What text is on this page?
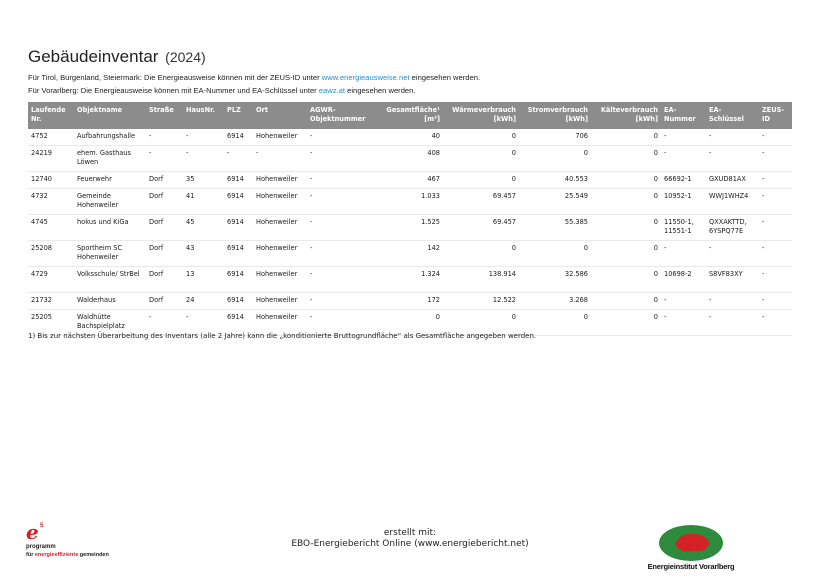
Gebäudeinventar (2024)
Für Tirol, Burgenland, Steiermark: Die Energieausweise können mit der ZEUS-ID unter www.energieausweise.net eingesehen werden.
Für Vorarlberg: Die Energieausweise können mit EA-Nummer und EA-Schlüssel unter eawz.at eingesehen werden.
Laufende Nr.	Objektname	Straße	HausNr.	PLZ	Ort	AGWR-Objektnummer	Gesamtfläche¹ [m²]	Wärmeverbrauch [kWh]	Stromverbrauch [kWh]	Kälteverbrauch [kWh]	EA-Nummer	EA-Schlüssel	ZEUS-ID
4752	Aufbahrungshalle	-	-	6914	Hohenweiler	-	40	0	706	0	-	-	-
24219	ehem. Gasthaus Löwen	-	-	-	-	-	408	0	0	0	-	-	-
12740	Feuerwehr	Dorf	35	6914	Hohenweiler	-	467	0	40.553	0	66692-1	GXUD81AX	-
4732	Gemeinde Hohenweiler	Dorf	41	6914	Hohenweiler	-	1.033	69.457	25.549	0	10952-1	WWJ1WHZ4	-
4745	hokus und KiGa	Dorf	45	6914	Hohenweiler	-	1.525	69.457	55.385	0	11550-1, 11551-1	QXXAKTTD, 6YSPQ77E	-
25208	Sportheim SC Hohenweiler	Dorf	43	6914	Hohenweiler	-	142	0	0	0	-	-	-
4729	Volksschule/ StrBel	Dorf	13	6914	Hohenweiler	-	1.324	138.914	32.586	0	10698-2	S8VF83XY	-
21732	Walderhaus	Dorf	24	6914	Hohenweiler	-	172	12.522	3.268	0	-	-	-
25205	Waldhütte Bachspielplatz	-	-	6914	Hohenweiler	-	0	0	0	0	-	-	-
1) Bis zur nächsten Überarbeitung des Inventars (alle 2 Jahre) kann die „konditionierte Bruttogrundfläche“ als Gesamtfläche angegeben werden.
e 5
programm
für energieeffiziente gemeinden
erstellt mit:
EBO-Energiebericht Online (www.energiebericht.net)
Energieinstitut Vorarlberg
